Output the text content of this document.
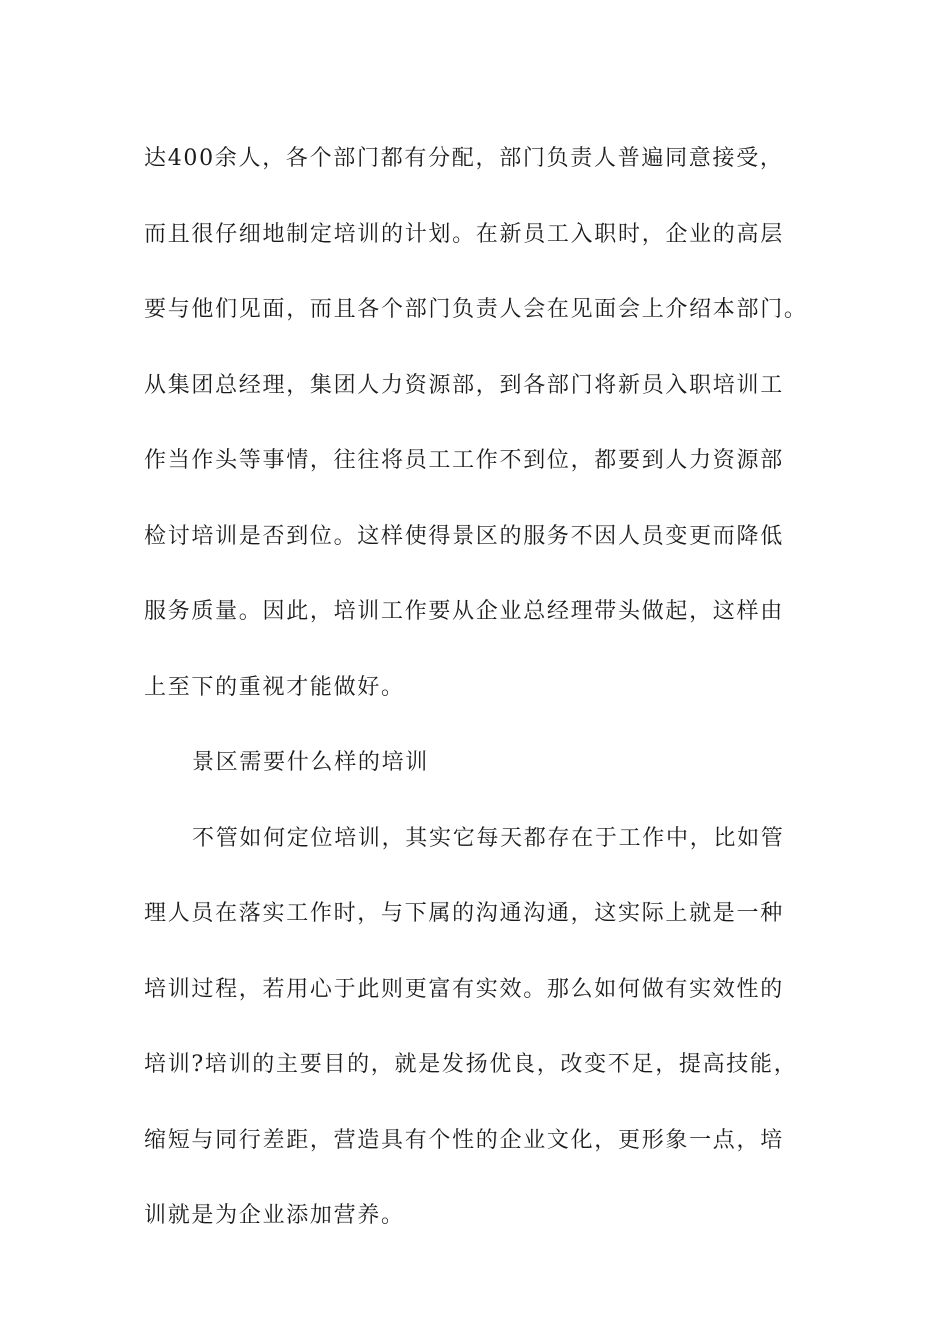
达400余人，各个部门都有分配，部门负责人普遍同意接受，
而且很仔细地制定培训的计划。在新员工入职时，企业的高层
要与他们见面，而且各个部门负责人会在见面会上介绍本部门。
从集团总经理，集团人力资源部，到各部门将新员入职培训工
作当作头等事情，往往将员工工作不到位，都要到人力资源部
检讨培训是否到位。这样使得景区的服务不因人员变更而降低
服务质量。因此，培训工作要从企业总经理带头做起，这样由
上至下的重视才能做好。
景区需要什么样的培训
不管如何定位培训，其实它每天都存在于工作中，比如管
理人员在落实工作时，与下属的沟通沟通，这实际上就是一种
培训过程，若用心于此则更富有实效。那么如何做有实效性的
培训?培训的主要目的，就是发扬优良，改变不足，提高技能，
缩短与同行差距，营造具有个性的企业文化，更形象一点，培
训就是为企业添加营养。
